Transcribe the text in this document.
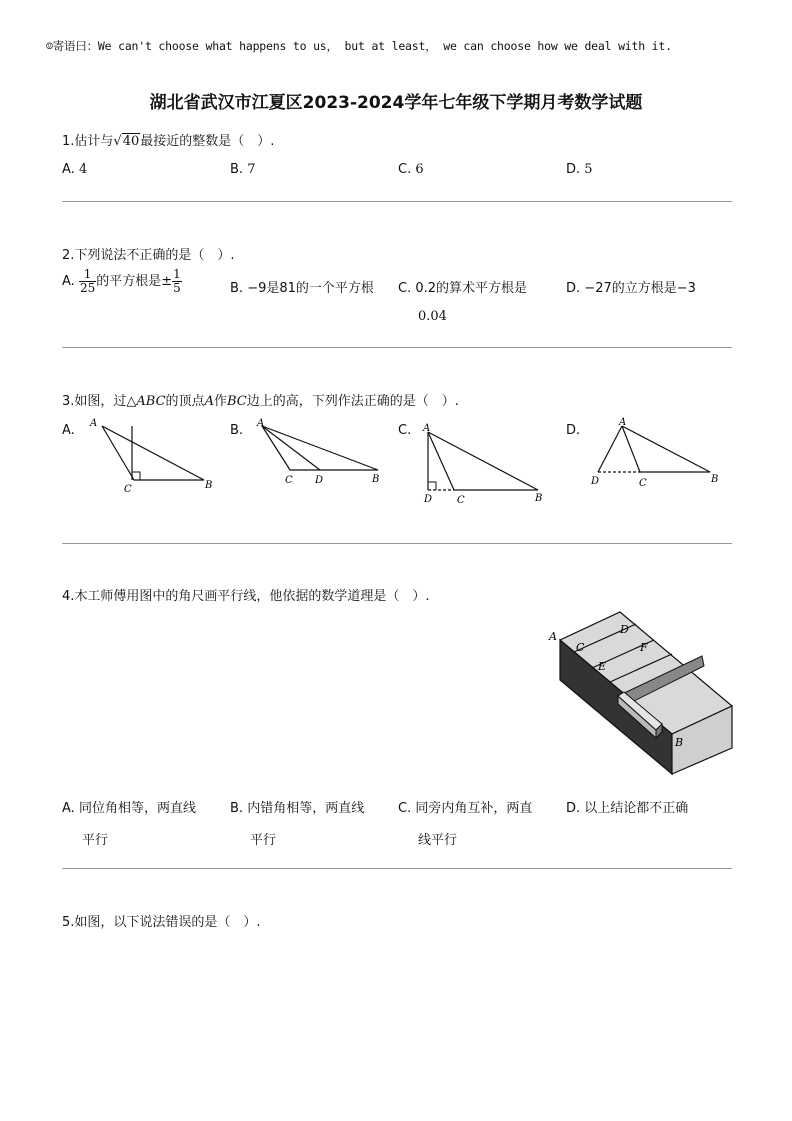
☺寄语曰：We can't choose what happens to us， but at least， we can choose how we deal with it.
湖北省武汉市江夏区2023-2024学年七年级下学期月考数学试题
1.估计与√40最接近的整数是（　）.
A. 4	B. 7	C. 6	D. 5
2.下列说法不正确的是（　）.
A. $\frac{1}{25}$ 的平方根是± $\frac{1}{5}$	B. −9是81的一个平方根 C. 0.2的算术平方根是
0.04
D. −27的立方根是−3
3.如图，过△ABC的顶点A作BC边上的高，下列作法正确的是（　）.
A.	B.	C.	D.
A
C	B
A
C D	B
A
D C	B
A
D	C	B
4.木工师傅用图中的角尺画平行线，他依据的数学道理是（　）.
A
C
D
F
E
B
A. 同位角相等，两直线
平行
B. 内错角相等，两直线
平行
C. 同旁内角互补，两直
线平行
D. 以上结论都不正确
5.如图，以下说法错误的是（　）.
